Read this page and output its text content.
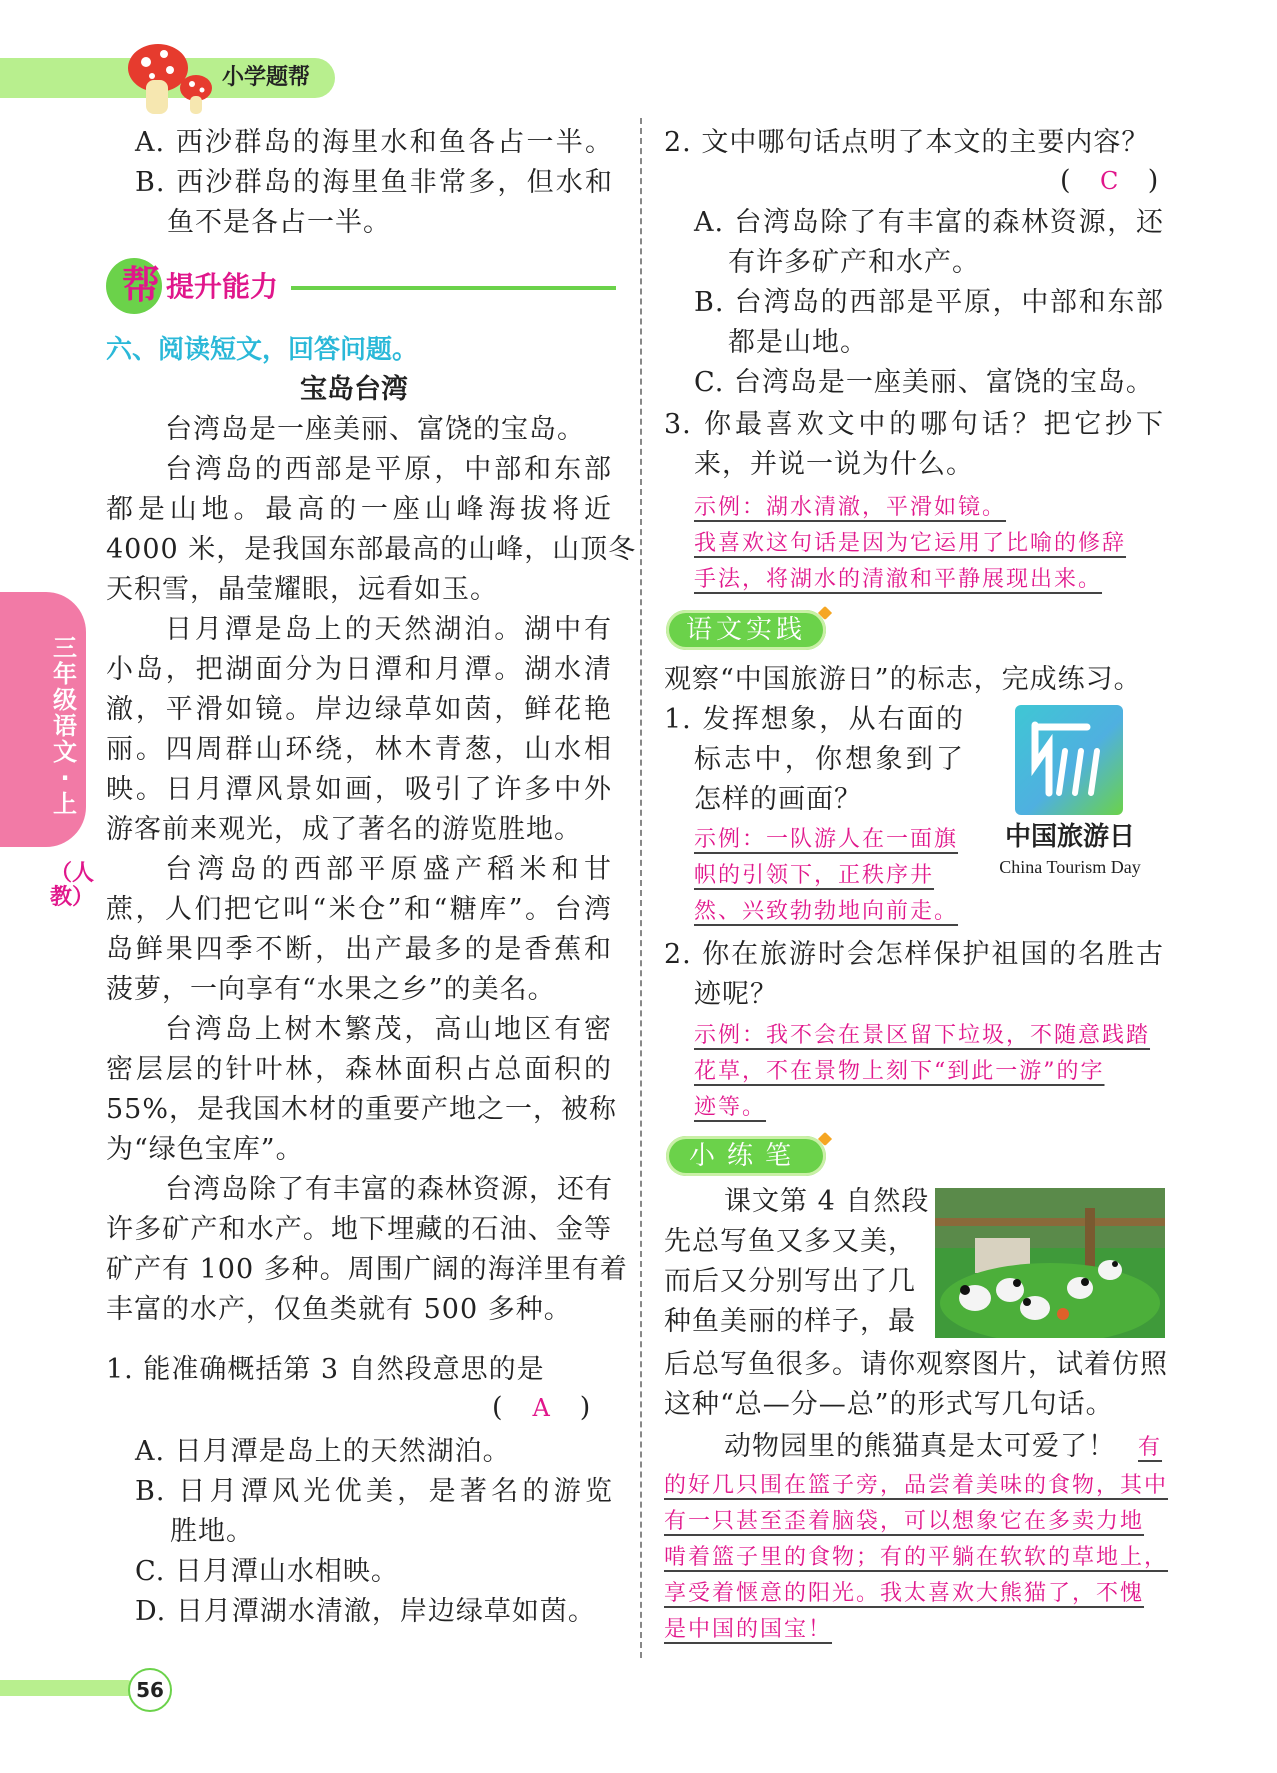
小学题帮
三年级语文·上
（人教）
A. 西沙群岛的海里水和鱼各占一半。
B. 西沙群岛的海里鱼非常多，但水和
鱼不是各占一半。
帮 提升能力
六、阅读短文，回答问题。
宝岛台湾
台湾岛是一座美丽、富饶的宝岛。
台湾岛的西部是平原，中部和东部
都是山地。最高的一座山峰海拔将近
4000 米，是我国东部最高的山峰，山顶冬
天积雪，晶莹耀眼，远看如玉。
日月潭是岛上的天然湖泊。湖中有
小岛，把湖面分为日潭和月潭。湖水清
澈，平滑如镜。岸边绿草如茵，鲜花艳
丽。四周群山环绕，林木青葱，山水相
映。日月潭风景如画，吸引了许多中外
游客前来观光，成了著名的游览胜地。
台湾岛的西部平原盛产稻米和甘
蔗，人们把它叫“米仓”和“糖库”。台湾
岛鲜果四季不断，出产最多的是香蕉和
菠萝，一向享有“水果之乡”的美名。
台湾岛上树木繁茂，高山地区有密
密层层的针叶林，森林面积占总面积的
55%，是我国木材的重要产地之一，被称
为“绿色宝库”。
台湾岛除了有丰富的森林资源，还有
许多矿产和水产。地下埋藏的石油、金等
矿产有 100 多种。周围广阔的海洋里有着
丰富的水产，仅鱼类就有 500 多种。
1. 能准确概括第 3 自然段意思的是
( A )
A. 日月潭是岛上的天然湖泊。
B. 日月潭风光优美，是著名的游览
胜地。
C. 日月潭山水相映。
D. 日月潭湖水清澈，岸边绿草如茵。
56
2. 文中哪句话点明了本文的主要内容？
( C )
A. 台湾岛除了有丰富的森林资源，还
有许多矿产和水产。
B. 台湾岛的西部是平原，中部和东部
都是山地。
C. 台湾岛是一座美丽、富饶的宝岛。
3. 你最喜欢文中的哪句话？把它抄下
来，并说一说为什么。
示例：湖水清澈，平滑如镜。
我喜欢这句话是因为它运用了比喻的修辞
手法，将湖水的清澈和平静展现出来。
语文实践
观察“中国旅游日”的标志，完成练习。
1. 发挥想象，从右面的
标志中，你想象到了
怎样的画面？
示例：一队游人在一面旗
帜的引领下，正秩序井
然、兴致勃勃地向前走。
中国旅游日
China Tourism Day
2. 你在旅游时会怎样保护祖国的名胜古
迹呢？
示例：我不会在景区留下垃圾，不随意践踏
花草，不在景物上刻下“到此一游”的字
迹等。
小练笔
课文第 4 自然段
先总写鱼又多又美，
而后又分别写出了几
种鱼美丽的样子，最
后总写鱼很多。请你观察图片，试着仿照
这种“总—分—总”的形式写几句话。
动物园里的熊猫真是太可爱了！ 有
的好几只围在篮子旁，品尝着美味的食物，其中
有一只甚至歪着脑袋，可以想象它在多卖力地
啃着篮子里的食物；有的平躺在软软的草地上，
享受着惬意的阳光。我太喜欢大熊猫了，不愧
是中国的国宝！
